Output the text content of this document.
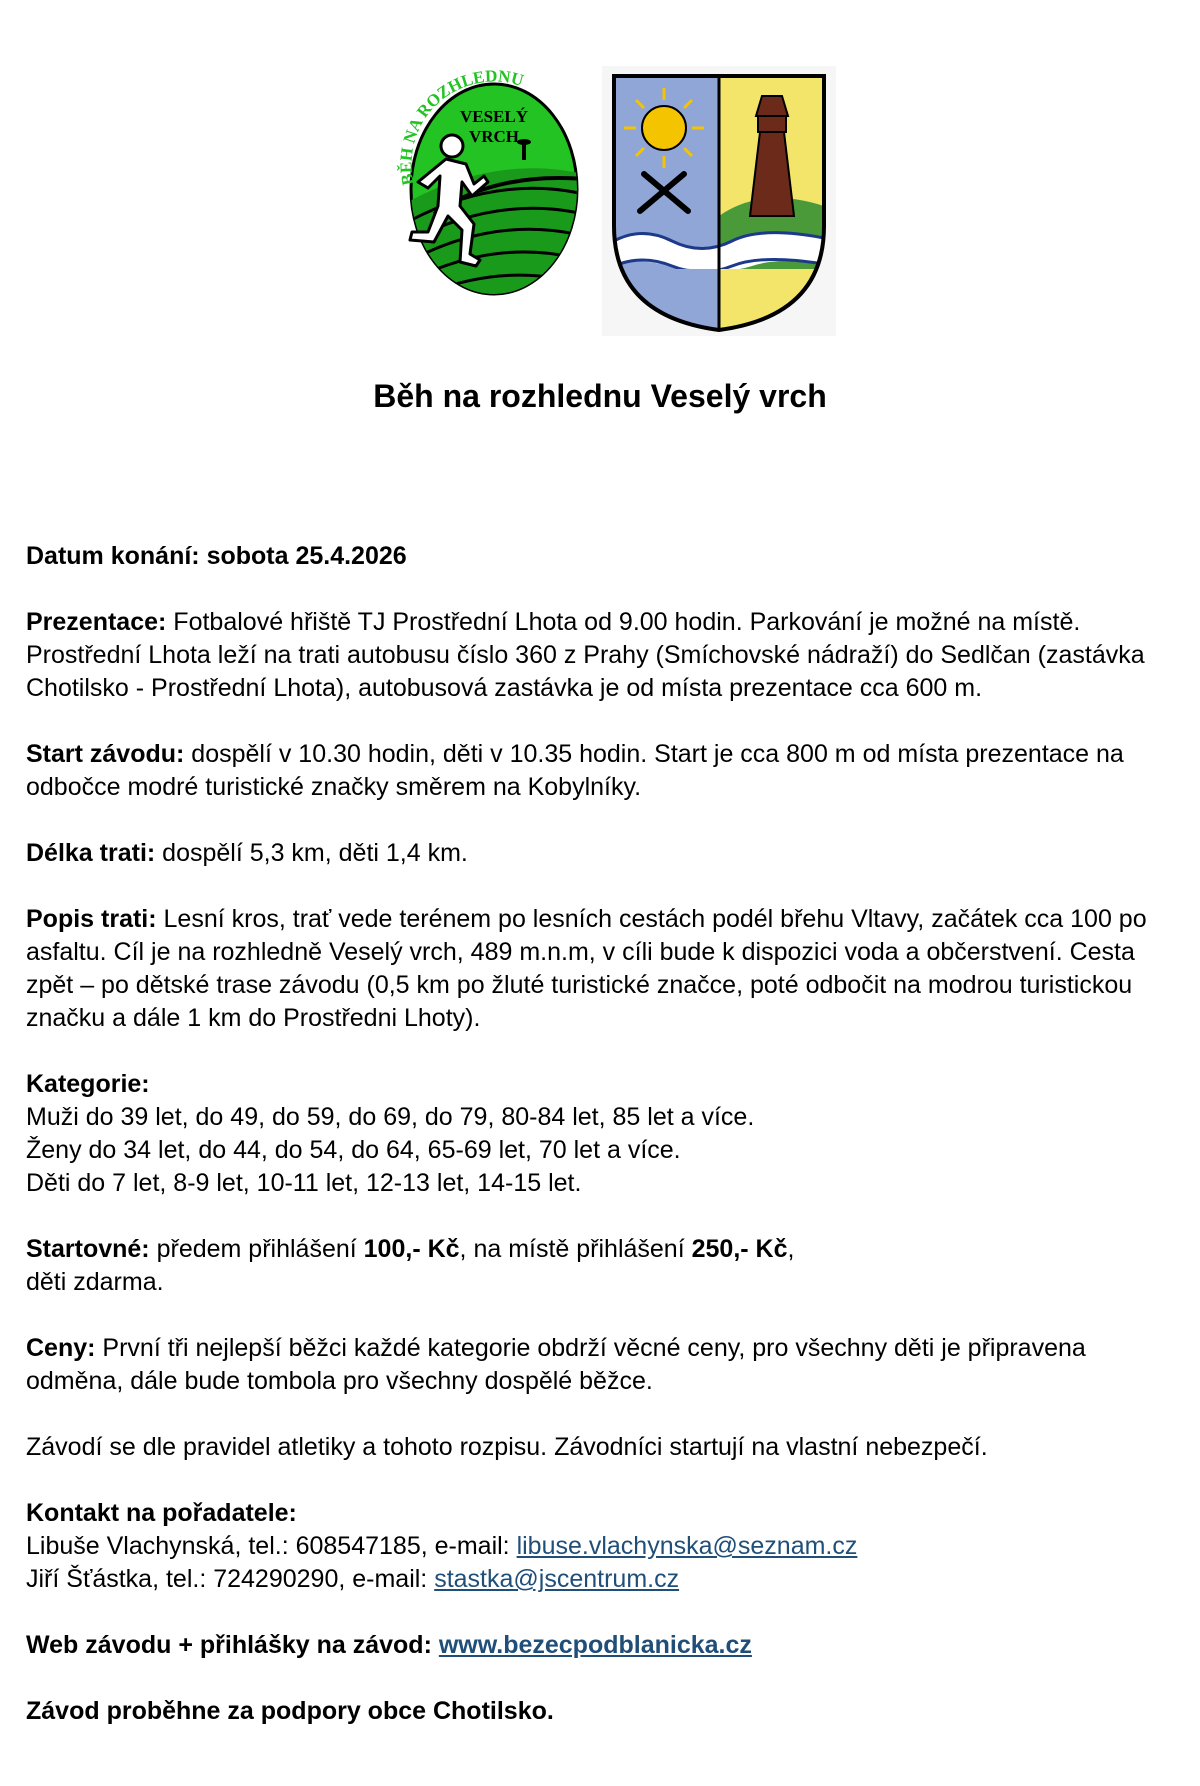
BĚH NA ROZHLEDNU
VESELÝ
VRCH
Běh na rozhlednu Veselý vrch

Datum konání: sobota 25.4.2026

Prezentace: Fotbalové hřiště TJ Prostřední Lhota od 9.00 hodin. Parkování je možné na místě. Prostřední Lhota leží na trati autobusu číslo 360 z Prahy (Smíchovské nádraží) do Sedlčan (zastávka Chotilsko - Prostřední Lhota), autobusová zastávka je od místa prezentace cca 600 m.

Start závodu: dospělí v 10.30 hodin, děti v 10.35 hodin. Start je cca 800 m od místa prezentace na odbočce modré turistické značky směrem na Kobylníky.

Délka trati: dospělí 5,3 km, děti 1,4 km.

Popis trati: Lesní kros, trať vede terénem po lesních cestách podél břehu Vltavy, začátek cca 100 po asfaltu. Cíl je na rozhledně Veselý vrch, 489 m.n.m, v cíli bude k dispozici voda a občerstvení. Cesta zpět – po dětské trase závodu (0,5 km po žluté turistické značce, poté odbočit na modrou turistickou značku a dále 1 km do Prostředni Lhoty).

Kategorie:
Muži do 39 let, do 49, do 59, do 69, do 79, 80-84 let, 85 let a více.
Ženy do 34 let, do 44, do 54, do 64, 65-69 let, 70 let a více.
Děti do 7 let, 8-9 let, 10-11 let, 12-13 let, 14-15 let.

Startovné: předem přihlášení 100,- Kč, na místě přihlášení 250,- Kč,
děti zdarma.

Ceny: První tři nejlepší běžci každé kategorie obdrží věcné ceny, pro všechny děti je připravena odměna, dále bude tombola pro všechny dospělé běžce.

Závodí se dle pravidel atletiky a tohoto rozpisu. Závodníci startují na vlastní nebezpečí.

Kontakt na pořadatele:
Libuše Vlachynská, tel.: 608547185, e-mail: libuse.vlachynska@seznam.cz
Jiří Šťástka, tel.: 724290290, e-mail: stastka@jscentrum.cz

Web závodu + přihlášky na závod: www.bezecpodblanicka.cz

Závod proběhne za podpory obce Chotilsko.
